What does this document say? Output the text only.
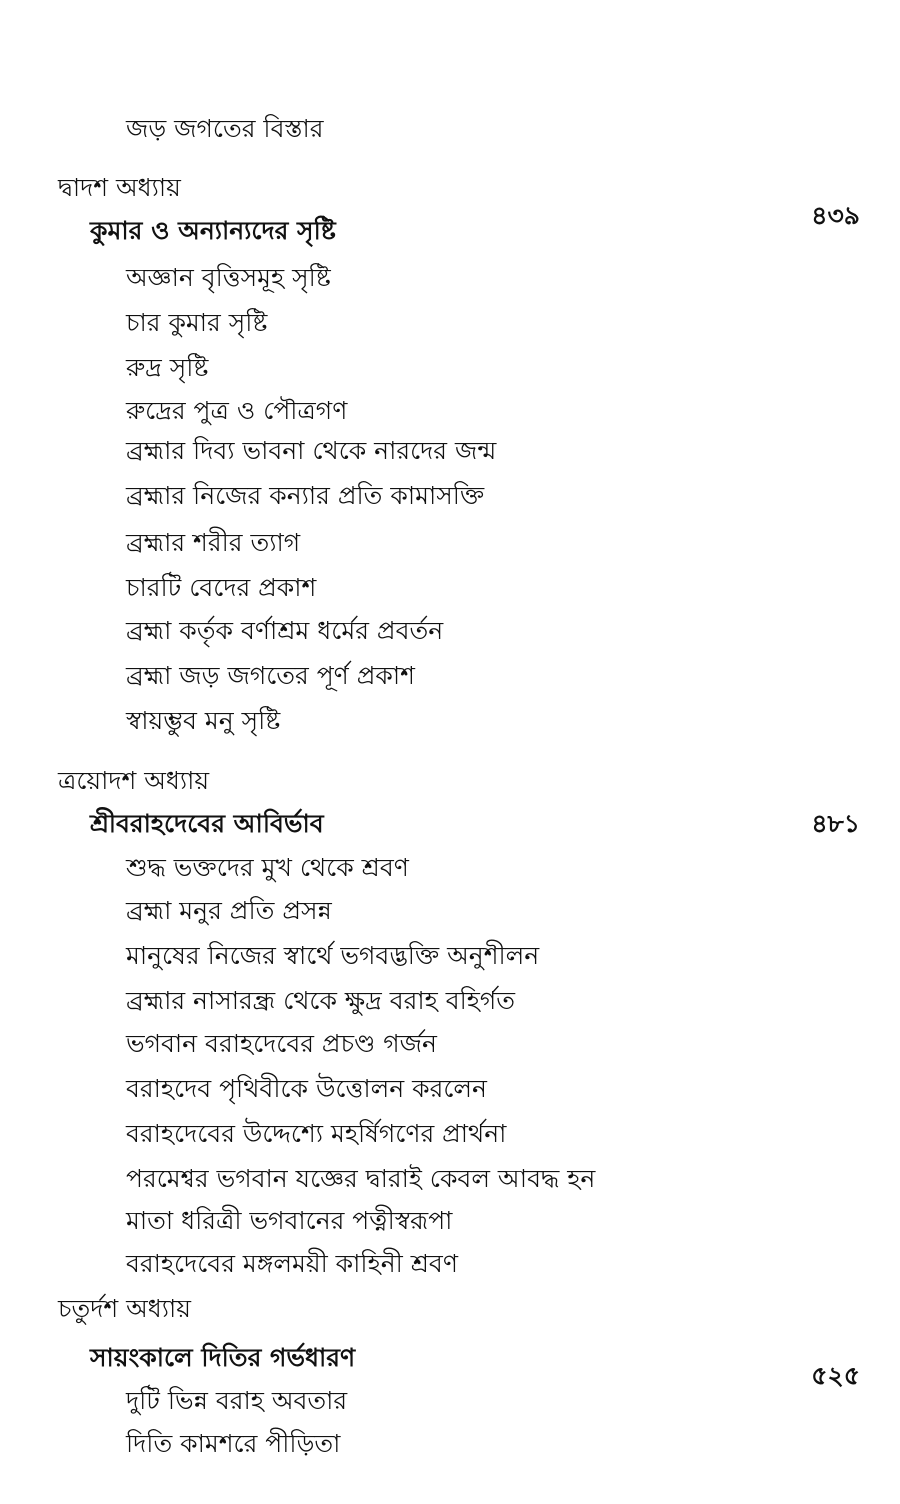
জড় জগতের বিস্তার
দ্বাদশ অধ্যায়
কুমার ও অন্যান্যদের সৃষ্টি
৪৩৯
অজ্ঞান বৃত্তিসমূহ সৃষ্টি
চার কুমার সৃষ্টি
রুদ্র সৃষ্টি
রুদ্রের পুত্র ও পৌত্রগণ
ব্রহ্মার দিব্য ভাবনা থেকে নারদের জন্ম
ব্রহ্মার নিজের কন্যার প্রতি কামাসক্তি
ব্রহ্মার শরীর ত্যাগ
চারটি বেদের প্রকাশ
ব্রহ্মা কর্তৃক বর্ণাশ্রম ধর্মের প্রবর্তন
ব্রহ্মা জড় জগতের পূর্ণ প্রকাশ
স্বায়ম্ভুব মনু সৃষ্টি
ত্রয়োদশ অধ্যায়
শ্রীবরাহদেবের আবির্ভাব	৪৮১
শুদ্ধ ভক্তদের মুখ থেকে শ্রবণ
ব্রহ্মা মনুর প্রতি প্রসন্ন
মানুষের নিজের স্বার্থে ভগবদ্ভক্তি অনুশীলন
ব্রহ্মার নাসারন্ধ্র থেকে ক্ষুদ্র বরাহ বহির্গত
ভগবান বরাহদেবের প্রচণ্ড গর্জন
বরাহদেব পৃথিবীকে উত্তোলন করলেন
বরাহদেবের উদ্দেশ্যে মহর্ষিগণের প্রার্থনা
পরমেশ্বর ভগবান যজ্ঞের দ্বারাই কেবল আবদ্ধ হন
মাতা ধরিত্রী ভগবানের পত্নীস্বরূপা
বরাহদেবের মঙ্গলময়ী কাহিনী শ্রবণ
চতুর্দশ অধ্যায়
সায়ংকালে দিতির গর্ভধারণ
৫২৫
দুটি ভিন্ন বরাহ অবতার
দিতি কামশরে পীড়িতা
